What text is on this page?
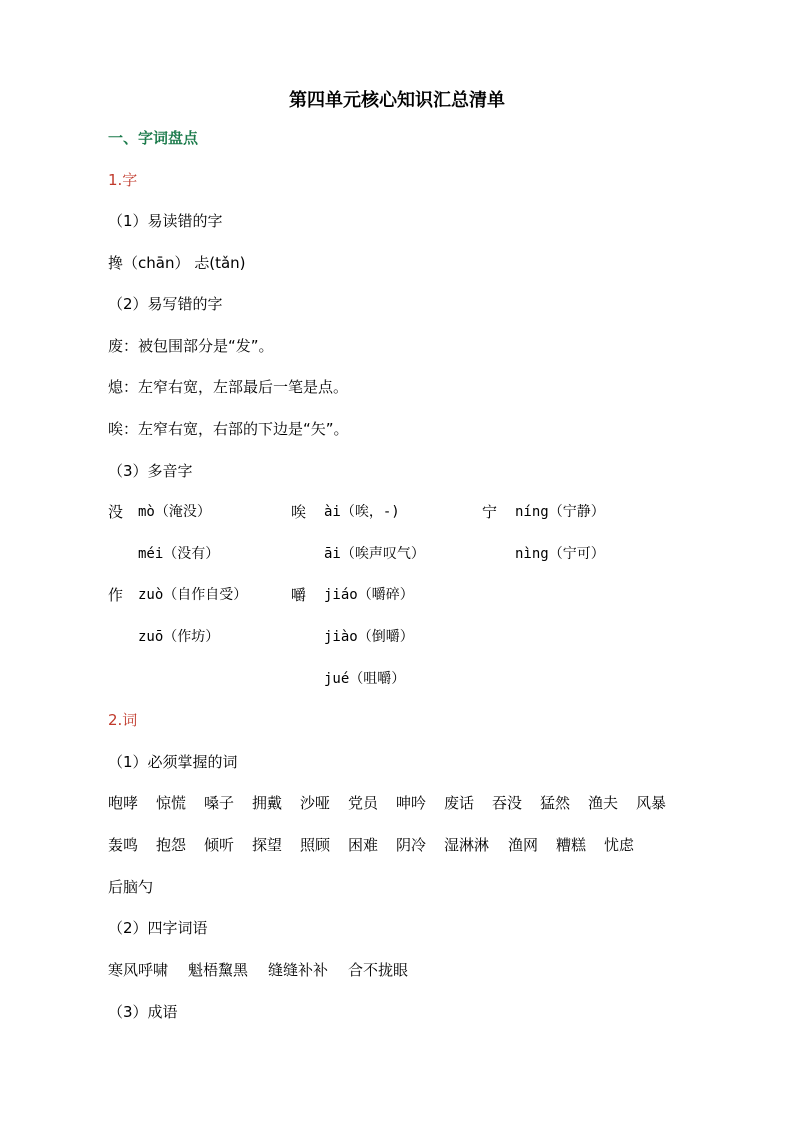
第四单元核心知识汇总清单
一、字词盘点
1.字
（1）易读错的字
搀（chān） 忐(tǎn)
（2）易写错的字
废：被包围部分是“发”。
熄：左窄右宽，左部最后一笔是点。
唉：左窄右宽，右部的下边是“矢”。
（3）多音字
没 mò（淹没）	唉 ài（唉，-)	宁 níng（宁静）
méi（没有）	āi（唉声叹气）	nìng（宁可）
作 zuò（自作自受）	嚼 jiáo（嚼碎）
zuō（作坊）	jiào（倒嚼）
jué（咀嚼）
2.词
（1）必须掌握的词
咆哮 惊慌 嗓子 拥戴 沙哑 党员 呻吟 废话 吞没 猛然 渔夫 风暴
轰鸣 抱怨 倾听 探望 照顾 困难 阴冷 湿淋淋 渔网 糟糕 忧虑
后脑勺
（2）四字词语
寒风呼啸 魁梧黧黑 缝缝补补 合不拢眼
（3）成语
